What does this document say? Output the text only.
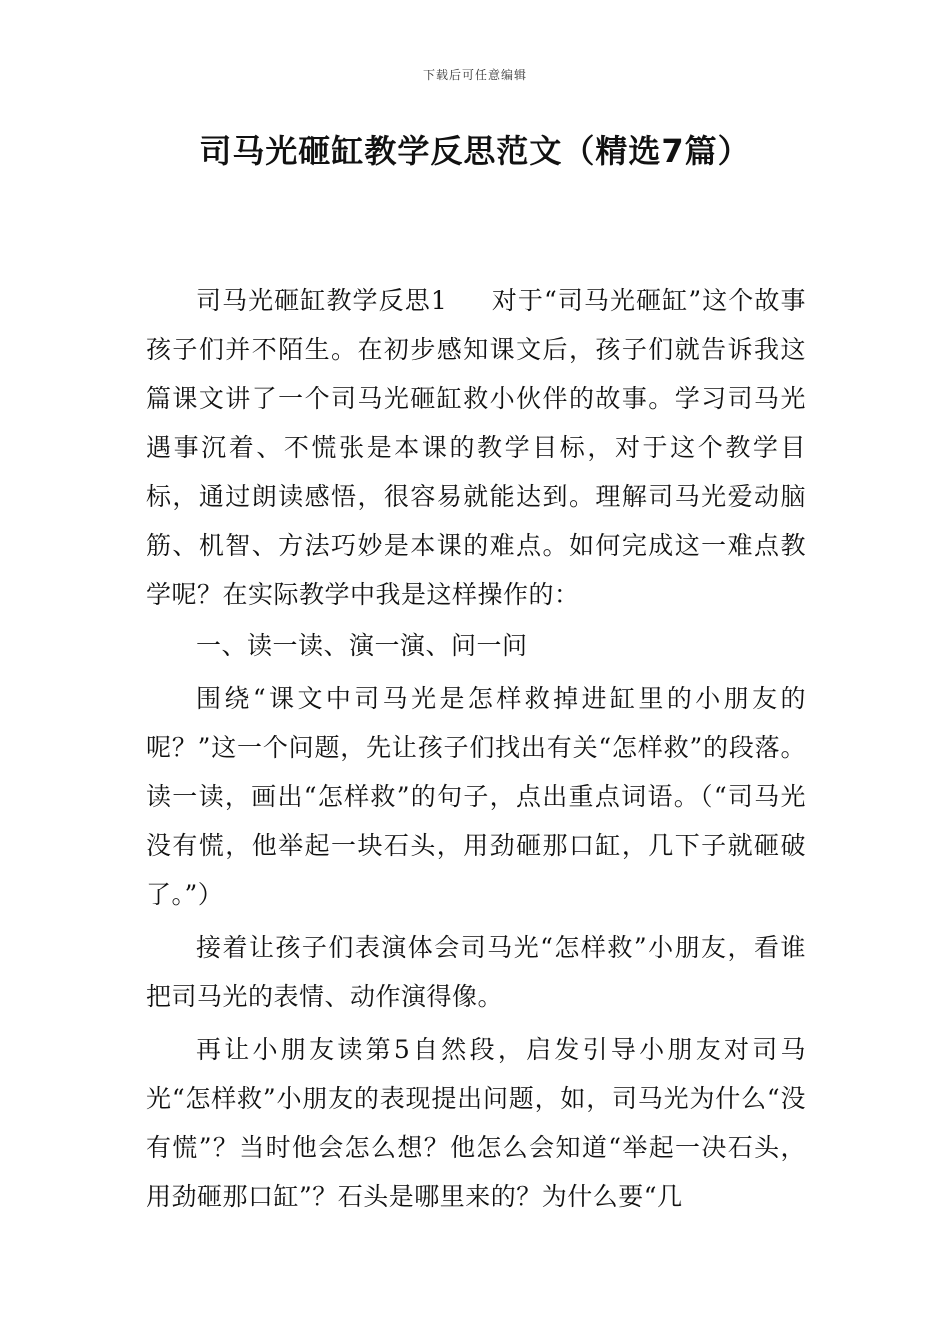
下载后可任意编辑
司马光砸缸教学反思范文（精选7篇）

司马光砸缸教学反思1 对于“司马光砸缸”这个故事孩子们并不陌生。在初步感知课文后，孩子们就告诉我这篇课文讲了一个司马光砸缸救小伙伴的故事。学习司马光遇事沉着、不慌张是本课的教学目标，对于这个教学目标，通过朗读感悟，很容易就能达到。理解司马光爱动脑筋、机智、方法巧妙是本课的难点。如何完成这一难点教学呢？在实际教学中我是这样操作的：

一、读一读、演一演、问一问

围绕“课文中司马光是怎样救掉进缸里的小朋友的呢？”这一个问题，先让孩子们找出有关“怎样救”的段落。读一读，画出“怎样救”的句子，点出重点词语。（“司马光没有慌，他举起一块石头，用劲砸那口缸，几下子就砸破了。”）

接着让孩子们表演体会司马光“怎样救”小朋友，看谁把司马光的表情、动作演得像。

再让小朋友读第5自然段，启发引导小朋友对司马光“怎样救”小朋友的表现提出问题，如，司马光为什么“没有慌”？当时他会怎么想？他怎么会知道“举起一决石头，用劲砸那口缸”？石头是哪里来的？为什么要“几
